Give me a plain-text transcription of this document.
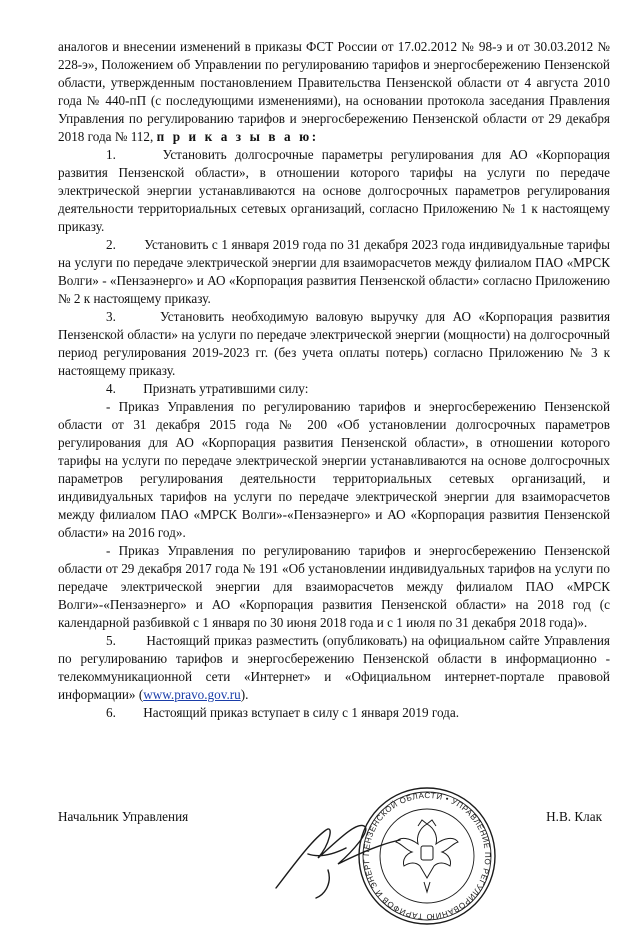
аналогов и внесении изменений в приказы ФСТ России от 17.02.2012 № 98-э и от 30.03.2012 № 228-э», Положением об Управлении по регулированию тарифов и энергосбережению Пензенской области, утвержденным постановлением Правительства Пензенской области от 4 августа 2010 года № 440-пП (с последующими изменениями), на основании протокола заседания Правления Управления по регулированию тарифов и энергосбережению Пензенской области от 29 декабря 2018 года № 112, п р и к а з ы в а ю:

1.	Установить долгосрочные параметры регулирования для АО «Корпорация развития Пензенской области», в отношении которого тарифы на услуги по передаче электрической энергии устанавливаются на основе долгосрочных параметров регулирования деятельности территориальных сетевых организаций, согласно Приложению № 1 к настоящему приказу.

2. Установить с 1 января 2019 года по 31 декабря 2023 года индивидуальные тарифы на услуги по передаче электрической энергии для взаиморасчетов между филиалом ПАО «МРСК Волги» - «Пензаэнерго» и АО «Корпорация развития Пензенской области» согласно Приложению № 2 к настоящему приказу.

3.	Установить необходимую валовую выручку для АО «Корпорация развития Пензенской области» на услуги по передаче электрической энергии (мощности) на долгосрочный период регулирования 2019-2023 гг. (без учета оплаты потерь) согласно Приложению № 3 к настоящему приказу.

4. Признать утратившими силу:

- Приказ Управления по регулированию тарифов и энергосбережению Пензенской области от 31 декабря 2015 года № 200 «Об установлении долгосрочных параметров регулирования для АО «Корпорация развития Пензенской области», в отношении которого тарифы на услуги по передаче электрической энергии устанавливаются на основе долгосрочных параметров регулирования деятельности территориальных сетевых организаций, и индивидуальных тарифов на услуги по передаче электрической энергии для взаиморасчетов между филиалом ПАО «МРСК Волги»-«Пензаэнерго» и АО «Корпорация развития Пензенской области» на 2016 год».

- Приказ Управления по регулированию тарифов и энергосбережению Пензенской области от 29 декабря 2017 года № 191 «Об установлении индивидуальных тарифов на услуги по передаче электрической энергии для взаиморасчетов между филиалом ПАО «МРСК Волги»-«Пензаэнерго» и АО «Корпорация развития Пензенской области» на 2018 год (с календарной разбивкой с 1 января по 30 июня 2018 года и с 1 июля по 31 декабря 2018 года)».

5. Настоящий приказ разместить (опубликовать) на официальном сайте Управления по регулированию тарифов и энергосбережению Пензенской области в информационно - телекоммуникационной сети «Интернет» и «Официальном интернет-портале правовой информации» (www.pravo.gov.ru).

6. Настоящий приказ вступает в силу с 1 января 2019 года.

Начальник Управления	Н.В. Клак
ПЕНЗЕНСКОЙ ОБЛАСТИ • УПРАВЛЕНИЕ ПО РЕГУЛИРОВАНИЮ ТАРИФОВ И ЭНЕРГ
